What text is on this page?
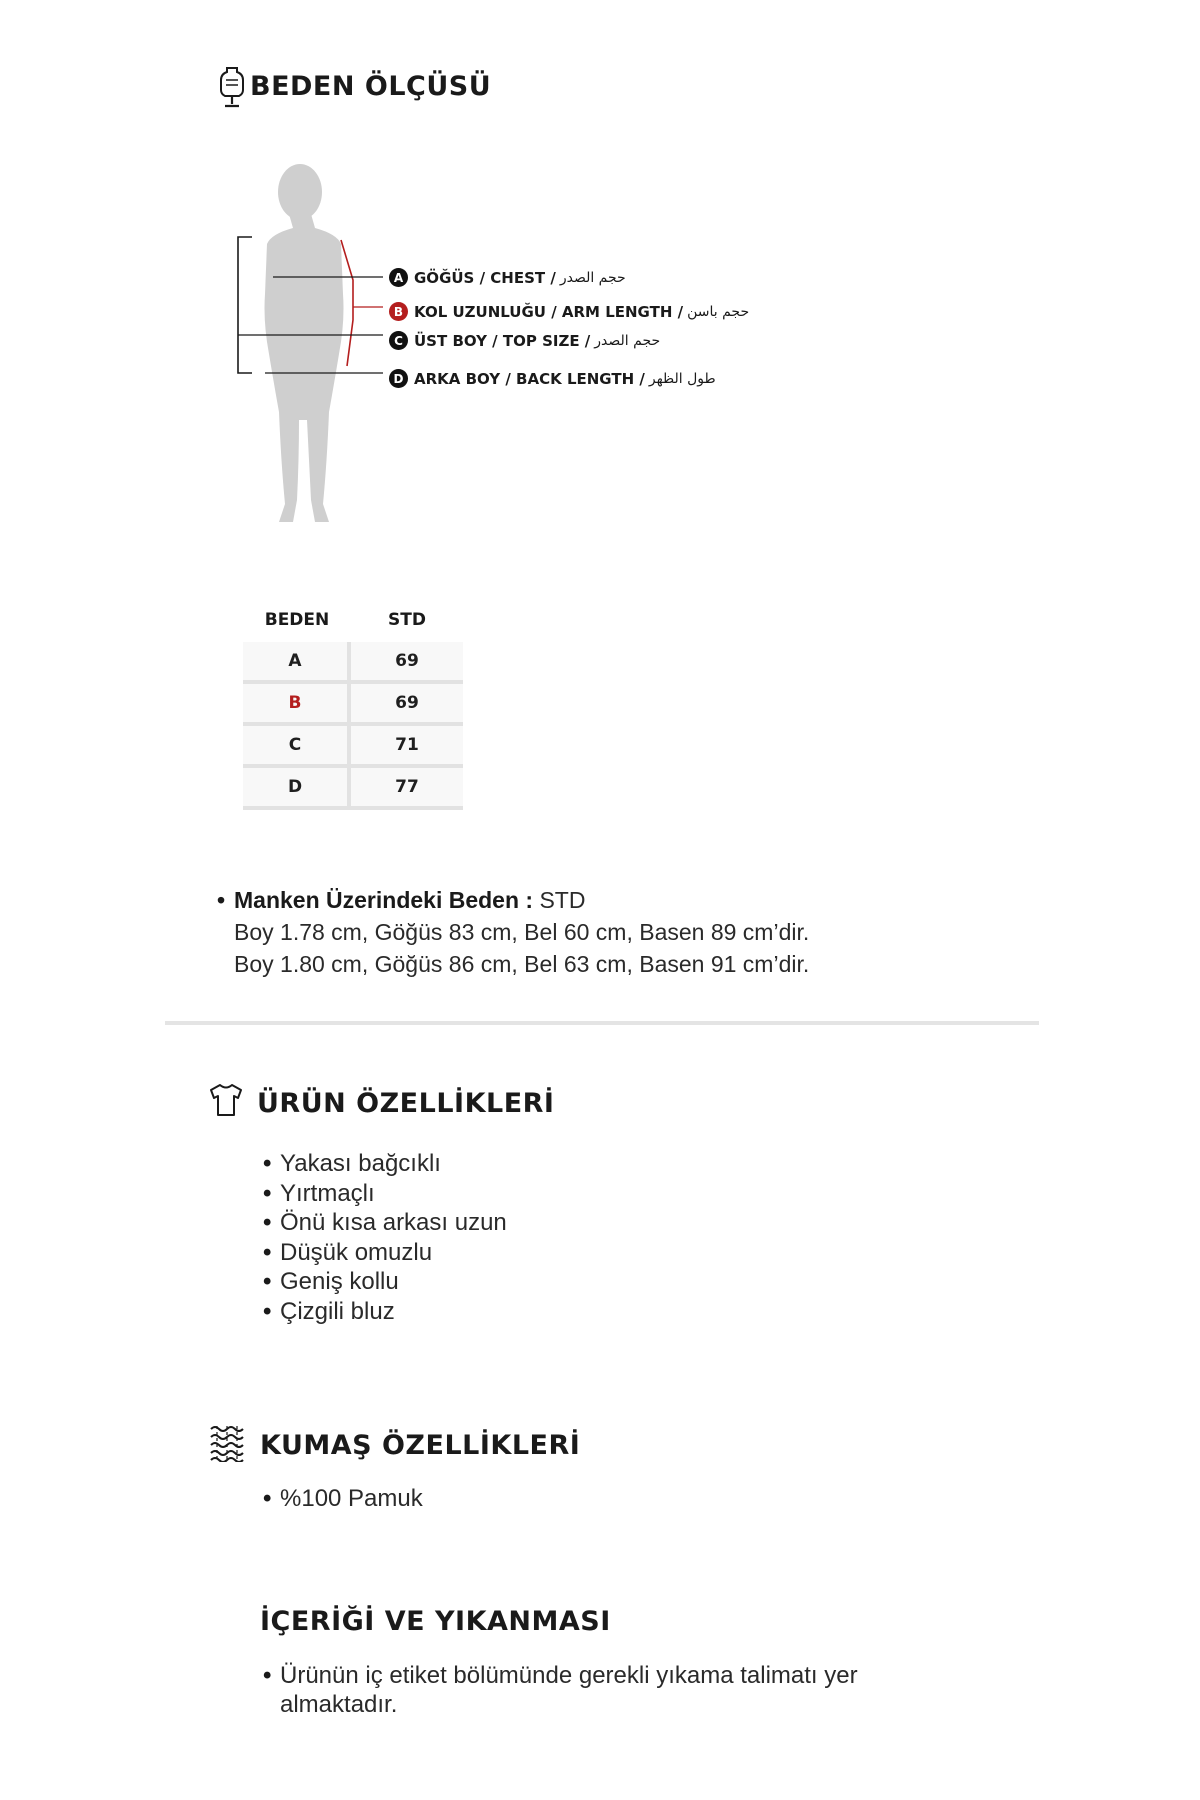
BEDEN ÖLÇÜSÜ
A GÖĞÜS / CHEST / حجم الصدر
B KOL UZUNLUĞU / ARM LENGTH / حجم باسن
C ÜST BOY / TOP SIZE / حجم الصدر
D ARKA BOY / BACK LENGTH / طول الظهر
BEDEN	STD
A	69
B	69
C	71
D	77
• Manken Üzerindeki Beden : STD
Boy 1.78 cm, Göğüs 83 cm, Bel 60 cm, Basen 89 cm’dir.
Boy 1.80 cm, Göğüs 86 cm, Bel 63 cm, Basen 91 cm’dir.
ÜRÜN ÖZELLİKLERİ
• Yakası bağcıklı
• Yırtmaçlı
• Önü kısa arkası uzun
• Düşük omuzlu
• Geniş kollu
• Çizgili bluz
KUMAŞ ÖZELLİKLERİ
• %100 Pamuk
İÇERİĞİ VE YIKANMASI
• Ürünün iç etiket bölümünde gerekli yıkama talimatı yer almaktadır.
